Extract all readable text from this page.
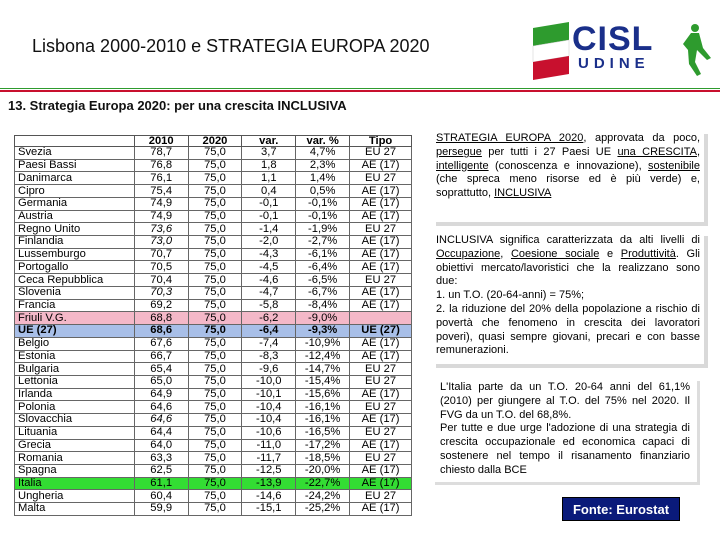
Lisbona 2000-2010 e STRATEGIA EUROPA 2020	CISL
UDINE
13. Strategia Europa 2020: per una crescita INCLUSIVA
	2010	2020	var.	var. %	Tipo
Svezia	78,7	75,0	3,7	4,7%	EU 27
Paesi Bassi	76,8	75,0	1,8	2,3%	AE (17)
Danimarca	76,1	75,0	1,1	1,4%	EU 27
Cipro	75,4	75,0	0,4	0,5%	AE (17)
Germania	74,9	75,0	-0,1	-0,1%	AE (17)
Austria	74,9	75,0	-0,1	-0,1%	AE (17)
Regno Unito	73,6	75,0	-1,4	-1,9%	EU 27
Finlandia	73,0	75,0	-2,0	-2,7%	AE (17)
Lussemburgo	70,7	75,0	-4,3	-6,1%	AE (17)
Portogallo	70,5	75,0	-4,5	-6,4%	AE (17)
Ceca Repubblica	70,4	75,0	-4,6	-6,5%	EU 27
Slovenia	70,3	75,0	-4,7	-6,7%	AE (17)
Francia	69,2	75,0	-5,8	-8,4%	AE (17)
Friuli V.G.	68,8	75,0	-6,2	-9,0%	
UE (27)	68,6	75,0	-6,4	-9,3%	UE (27)
Belgio	67,6	75,0	-7,4	-10,9%	AE (17)
Estonia	66,7	75,0	-8,3	-12,4%	AE (17)
Bulgaria	65,4	75,0	-9,6	-14,7%	EU 27
Lettonia	65,0	75,0	-10,0	-15,4%	EU 27
Irlanda	64,9	75,0	-10,1	-15,6%	AE (17)
Polonia	64,6	75,0	-10,4	-16,1%	EU 27
Slovacchia	64,6	75,0	-10,4	-16,1%	AE (17)
Lituania	64,4	75,0	-10,6	-16,5%	EU 27
Grecia	64,0	75,0	-11,0	-17,2%	AE (17)
Romania	63,3	75,0	-11,7	-18,5%	EU 27
Spagna	62,5	75,0	-12,5	-20,0%	AE (17)
Italia	61,1	75,0	-13,9	-22,7%	AE (17)
Ungheria	60,4	75,0	-14,6	-24,2%	EU 27
Malta	59,9	75,0	-15,1	-25,2%	AE (17)
STRATEGIA EUROPA 2020, approvata da poco, persegue per tutti i 27 Paesi UE una CRESCITA, intelligente (conoscenza e innovazione), sostenibile (che spreca meno risorse ed è più verde) e, soprattutto, INCLUSIVA
INCLUSIVA significa caratterizzata da alti livelli di Occupazione, Coesione sociale e Produttività. Gli obiettivi mercato/lavoristici che la realizzano sono due:
1. un T.O. (20-64-anni) = 75%;
2. la riduzione del 20% della popolazione a rischio di povertà che fenomeno in crescita dei lavoratori poveri), quasi sempre giovani, precari e con basse remunerazioni.
L'Italia parte da un T.O. 20-64 anni del 61,1% (2010) per giungere al T.O. del 75% nel 2020. Il FVG da un T.O. del 68,8%.
Per tutte e due urge l'adozione di una strategia di crescita occupazionale ed economica capaci di sostenere nel tempo il risanamento finanziario chiesto dalla BCE
Fonte: Eurostat
